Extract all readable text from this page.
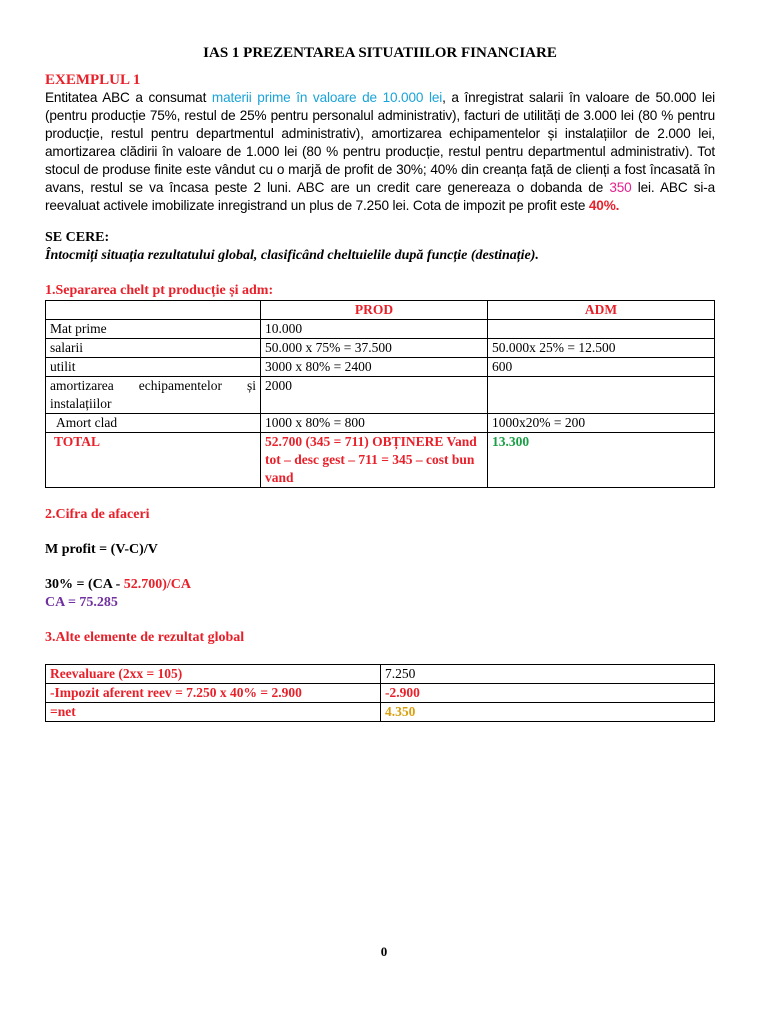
IAS 1 PREZENTAREA SITUATIILOR FINANCIARE
EXEMPLUL 1
Entitatea ABC a consumat materii prime în valoare de 10.000 lei, a înregistrat salarii în valoare de 50.000 lei (pentru producție 75%, restul de 25% pentru personalul administrativ), facturi de utilități de 3.000 lei (80 % pentru producție, restul pentru departmentul administrativ), amortizarea echipamentelor și instalațiilor de 2.000 lei, amortizarea clădirii în valoare de 1.000 lei (80 % pentru producție, restul pentru departmentul administrativ). Tot stocul de produse finite este vândut cu o marjă de profit de 30%; 40% din creanța față de clienți a fost încasată în avans, restul se va încasa peste 2 luni. ABC are un credit care genereaza o dobanda de 350 lei. ABC si-a reevaluat activele imobilizate inregistrand un plus de 7.250 lei. Cota de impozit pe profit este 40%.
SE CERE:
Întocmiți situația rezultatului global, clasificând cheltuielile după funcție (destinație).
1.Separarea chelt pt producție și adm:
	PROD	ADM
Mat prime	10.000	
salarii	50.000 x 75% = 37.500	50.000x 25% = 12.500
utilit	3000 x 80% = 2400	600
amortizarea echipamentelor și instalațiilor	2000	
Amort clad	1000 x 80% = 800	1000x20% = 200
TOTAL	52.700 (345 = 711) OBȚINERE Vand tot – desc gest – 711 = 345 – cost bun vand	13.300
2.Cifra de afaceri
M profit = (V-C)/V
30% = (CA - 52.700)/CA
CA = 75.285
3.Alte elemente de rezultat global
Reevaluare (2xx = 105)	7.250
-Impozit aferent reev = 7.250 x 40% = 2.900	-2.900
=net	4.350
0
